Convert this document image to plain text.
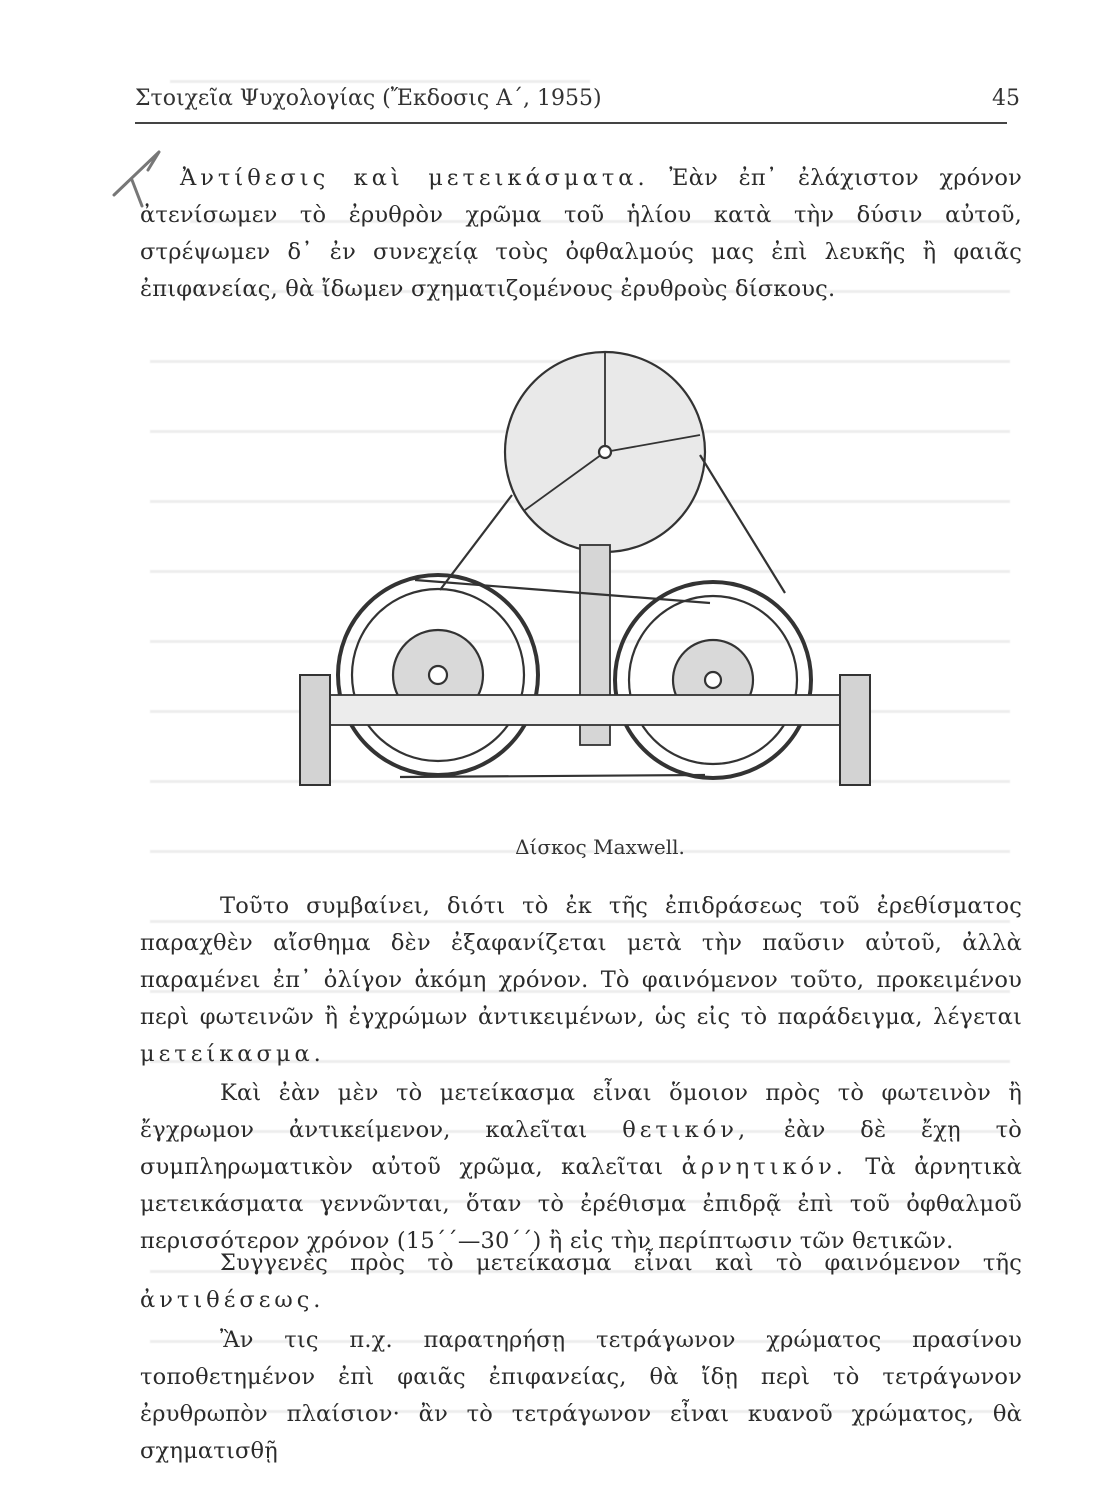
Στοιχεῖα Ψυχολογίας (Ἔκδοσις Α΄, 1955)	45
Ἀντίθεσις καὶ μετεικάσματα. Ἐὰν ἐπ᾿ ἐλάχιστον χρόνον ἀτενίσωμεν τὸ ἐρυθρὸν χρῶμα τοῦ ἡλίου κατὰ τὴν δύσιν αὐτοῦ, στρέψωμεν δ᾿ ἐν συνεχείᾳ τοὺς ὀφθαλμούς μας ἐπὶ λευκῆς ἢ φαιᾶς ἐπιφανείας, θὰ ἴδωμεν σχηματιζομένους ἐρυθροὺς δίσκους.
Δίσκος Maxwell.
Τοῦτο συμβαίνει, διότι τὸ ἐκ τῆς ἐπιδράσεως τοῦ ἐρεθίσματος παραχθὲν αἴσθημα δὲν ἐξαφανίζεται μετὰ τὴν παῦσιν αὐτοῦ, ἀλλὰ παραμένει ἐπ᾿ ὀλίγον ἀκόμη χρόνον. Τὸ φαινόμενον τοῦτο, προκειμένου περὶ φωτεινῶν ἢ ἐγχρώμων ἀντικειμένων, ὡς εἰς τὸ παράδειγμα, λέγεται μετείκασμα.
Καὶ ἐὰν μὲν τὸ μετείκασμα εἶναι ὅμοιον πρὸς τὸ φωτεινὸν ἢ ἔγχρωμον ἀντικείμενον, καλεῖται θετικόν, ἐὰν δὲ ἔχῃ τὸ συμπληρωματικὸν αὐτοῦ χρῶμα, καλεῖται ἀρνητικόν. Τὰ ἀρνητικὰ μετεικάσματα γεννῶνται, ὅταν τὸ ἐρέθισμα ἐπιδρᾷ ἐπὶ τοῦ ὀφθαλμοῦ περισσότερον χρόνον (15΄΄—30΄΄) ἢ εἰς τὴν περίπτωσιν τῶν θετικῶν.
Συγγενὲς πρὸς τὸ μετείκασμα εἶναι καὶ τὸ φαινόμενον τῆς ἀντιθέσεως.
Ἂν τις π.χ. παρατηρήσῃ τετράγωνον χρώματος πρασίνου τοποθετημένον ἐπὶ φαιᾶς ἐπιφανείας, θὰ ἴδῃ περὶ τὸ τετράγωνον ἐρυθρωπὸν πλαίσιον· ἂν τὸ τετράγωνον εἶναι κυανοῦ χρώματος, θὰ σχηματισθῇ
